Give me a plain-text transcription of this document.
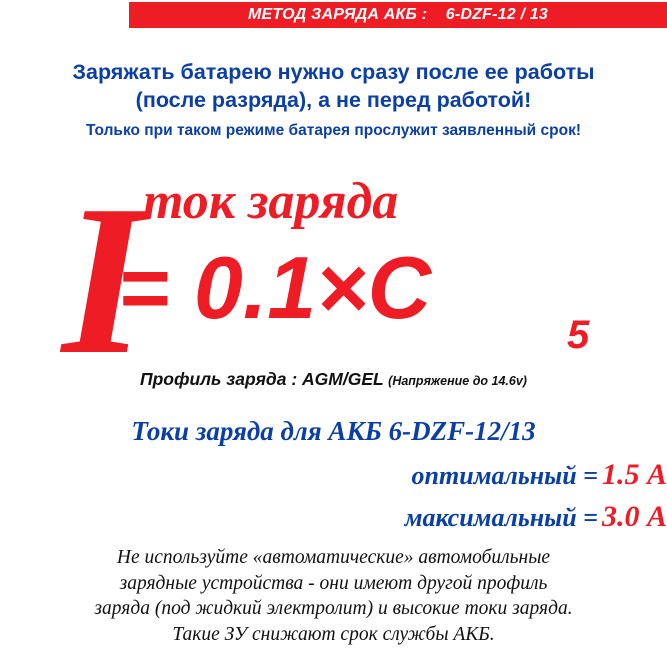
МЕТОД ЗАРЯДА АКБ :    6-DZF-12 / 13
Заряжать батарею нужно сразу после ее работы
(после разряда), а не перед работой!
Только при таком режиме батарея прослужит заявленный срок!
I
ток заряда
= 0.1×C	5
Профиль заряда : AGM/GEL (Напряжение до 14.6v)
Токи заряда для АКБ 6-DZF-12/13
оптимальный = 1.5 А
максимальный = 3.0 А
Не используйте «автоматические» автомобильные
зарядные устройства - они имеют другой профиль
заряда (под жидкий электролит) и высокие токи заряда.
Такие ЗУ снижают срок службы АКБ.
